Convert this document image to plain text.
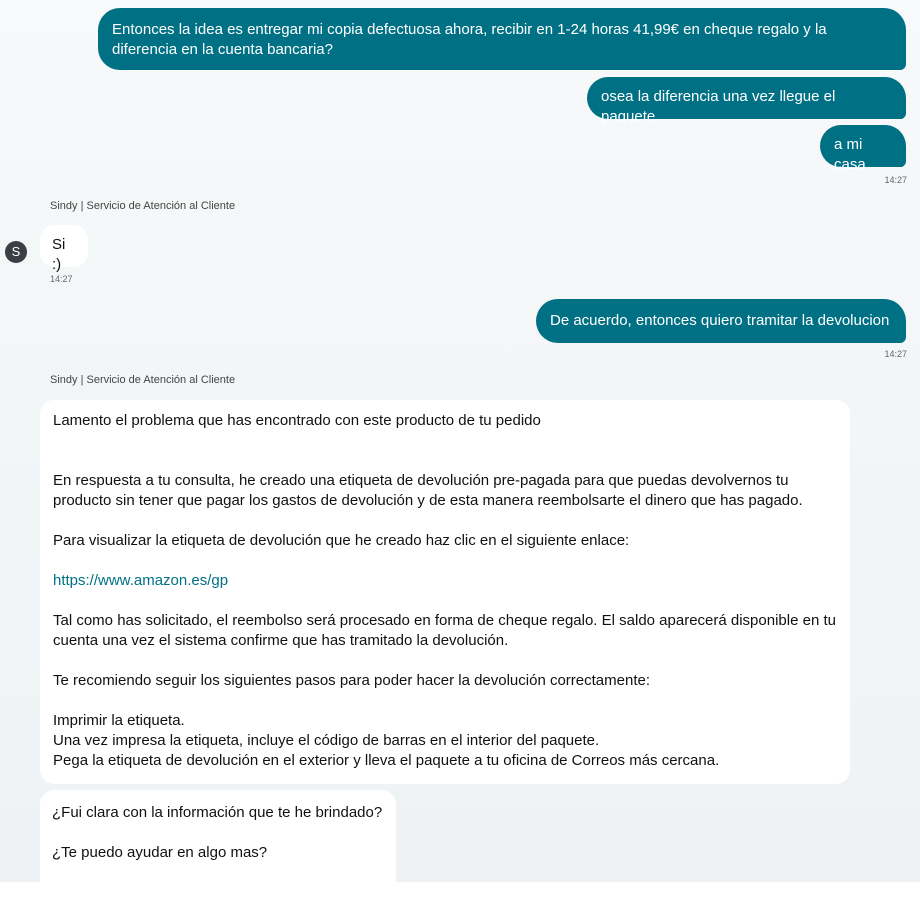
Entonces la idea es entregar mi copia defectuosa ahora, recibir en 1-24 horas 41,99€ en cheque regalo y la diferencia en la cuenta bancaria?
osea la diferencia una vez llegue el paquete
a mi casa
14:27
Sindy | Servicio de Atención al Cliente
S	Si :)
14:27
De acuerdo, entonces quiero tramitar la devolucion
14:27
Sindy | Servicio de Atención al Cliente

Lamento el problema que has encontrado con este producto de tu pedido

En respuesta a tu consulta, he creado una etiqueta de devolución pre-pagada para que puedas devolvernos tu producto sin tener que pagar los gastos de devolución y de esta manera reembolsarte el dinero que has pagado.

Para visualizar la etiqueta de devolución que he creado haz clic en el siguiente enlace:

https://www.amazon.es/gp

Tal como has solicitado, el reembolso será procesado en forma de cheque regalo. El saldo aparecerá disponible en tu cuenta una vez el sistema confirme que has tramitado la devolución.

Te recomiendo seguir los siguientes pasos para poder hacer la devolución correctamente:

Imprimir la etiqueta.

Una vez impresa la etiqueta, incluye el código de barras en el interior del paquete.

Pega la etiqueta de devolución en el exterior y lleva el paquete a tu oficina de Correos más cercana.

¿Fui clara con la información que te he brindado?

¿Te puedo ayudar en algo mas?
